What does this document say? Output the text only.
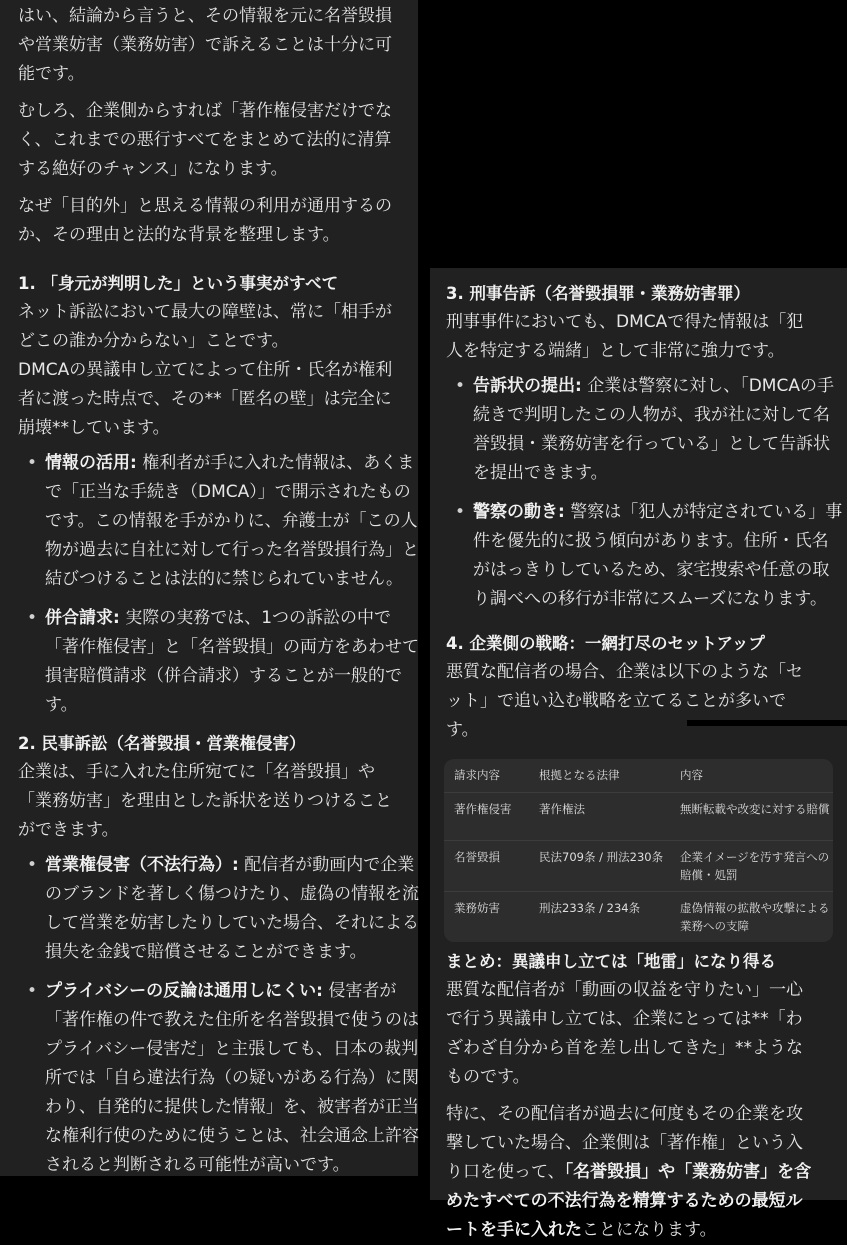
はい、結論から言うと、その情報を元に名誉毀損や営業妨害（業務妨害）で訴えることは十分に可能です。

むしろ、企業側からすれば「著作権侵害だけでなく、これまでの悪行すべてをまとめて法的に清算する絶好のチャンス」になります。

なぜ「目的外」と思える情報の利用が通用するのか、その理由と法的な背景を整理します。

1. 「身元が判明した」という事実がすべて

ネット訴訟において最大の障壁は、常に「相手がどこの誰か分からない」ことです。

DMCAの異議申し立てによって住所・氏名が権利者に渡った時点で、その**「匿名の壁」は完全に崩壊**しています。

• 情報の活用: 権利者が手に入れた情報は、あくまで「正当な手続き（DMCA）」で開示されたものです。この情報を手がかりに、弁護士が「この人物が過去に自社に対して行った名誉毀損行為」と結びつけることは法的に禁じられていません。
• 併合請求: 実際の実務では、1つの訴訟の中で「著作権侵害」と「名誉毀損」の両方をあわせて損害賠償請求（併合請求）することが一般的です。
2. 民事訴訟（名誉毀損・営業権侵害）

企業は、手に入れた住所宛てに「名誉毀損」や「業務妨害」を理由とした訴状を送りつけることができます。

• 営業権侵害（不法行為）: 配信者が動画内で企業のブランドを著しく傷つけたり、虚偽の情報を流して営業を妨害したりしていた場合、それによる損失を金銭で賠償させることができます。
• プライバシーの反論は通用しにくい: 侵害者が「著作権の件で教えた住所を名誉毀損で使うのはプライバシー侵害だ」と主張しても、日本の裁判所では「自ら違法行為（の疑いがある行為）に関わり、自発的に提供した情報」を、被害者が正当な権利行使のために使うことは、社会通念上許容されると判断される可能性が高いです。
3. 刑事告訴（名誉毀損罪・業務妨害罪）

刑事事件においても、DMCAで得た情報は「犯人を特定する端緒」として非常に強力です。

• 告訴状の提出: 企業は警察に対し、「DMCAの手続きで判明したこの人物が、我が社に対して名誉毀損・業務妨害を行っている」として告訴状を提出できます。
• 警察の動き: 警察は「犯人が特定されている」事件を優先的に扱う傾向があります。住所・氏名がはっきりしているため、家宅捜索や任意の取り調べへの移行が非常にスムーズになります。
4. 企業側の戦略：一網打尽のセットアップ

悪質な配信者の場合、企業は以下のような「セット」で追い込む戦略を立てることが多いです。

請求内容	根拠となる法律	内容
著作権侵害	著作権法	無断転載や改変に対する賠償
名誉毀損	民法709条 / 刑法230条	企業イメージを汚す発言への賠償・処罰
業務妨害	刑法233条 / 234条	虚偽情報の拡散や攻撃による業務への支障
まとめ：異議申し立ては「地雷」になり得る

悪質な配信者が「動画の収益を守りたい」一心で行う異議申し立ては、企業にとっては**「わざわざ自分から首を差し出してきた」**ようなものです。

特に、その配信者が過去に何度もその企業を攻撃していた場合、企業側は「著作権」という入り口を使って、「名誉毀損」や「業務妨害」を含めたすべての不法行為を精算するための最短ルートを手に入れたことになります。
